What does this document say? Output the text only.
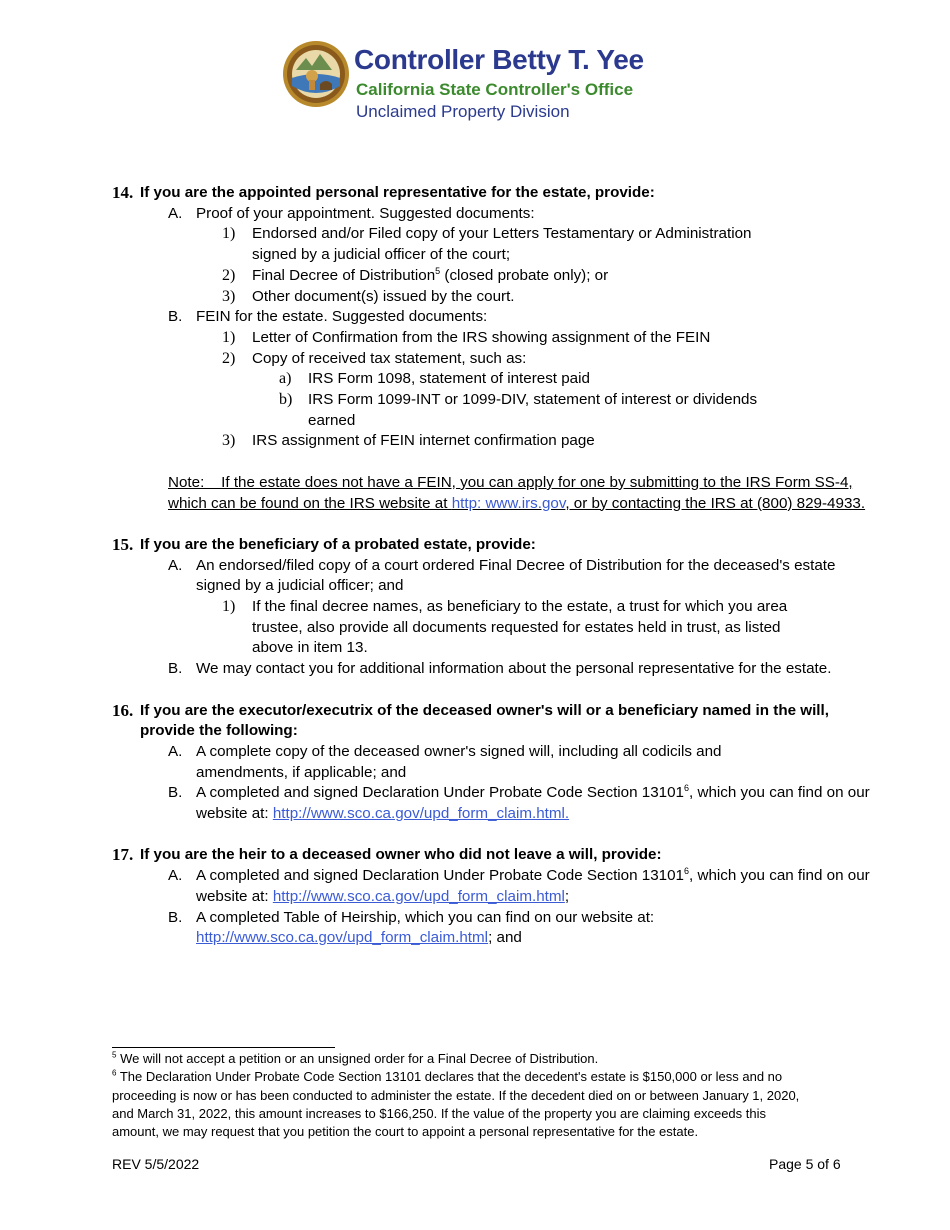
Controller Betty T. Yee
California State Controller's Office
Unclaimed Property Division
14. If you are the appointed personal representative for the estate, provide:
A. Proof of your appointment. Suggested documents:
1) Endorsed and/or Filed copy of your Letters Testamentary or Administration signed by a judicial officer of the court;
2) Final Decree of Distribution$^5$ (closed probate only); or
3) Other document(s) issued by the court.
B. FEIN for the estate. Suggested documents:
1) Letter of Confirmation from the IRS showing assignment of the FEIN
2) Copy of received tax statement, such as:
a) IRS Form 1098, statement of interest paid
b) IRS Form 1099-INT or 1099-DIV, statement of interest or dividends earned
3) IRS assignment of FEIN internet confirmation page
Note:    If the estate does not have a FEIN, you can apply for one by submitting to the IRS Form SS-4, which can be found on the IRS website at http: www.irs.gov, or by contacting the IRS at (800) 829-4933.
15. If you are the beneficiary of a probated estate, provide:
A. An endorsed/filed copy of a court ordered Final Decree of Distribution for the deceased's estate signed by a judicial officer; and
1) If the final decree names, as beneficiary to the estate, a trust for which you area trustee, also provide all documents requested for estates held in trust, as listed above in item 13.
B. We may contact you for additional information about the personal representative for the estate.
16. If you are the executor/executrix of the deceased owner's will or a beneficiary named in the will, provide the following:
A. A complete copy of the deceased owner's signed will, including all codicils and amendments, if applicable; and
B. A completed and signed Declaration Under Probate Code Section 13101$^6$, which you can find on our website at: http://www.sco.ca.gov/upd_form_claim.html.
17. If you are the heir to a deceased owner who did not leave a will, provide:
A. A completed and signed Declaration Under Probate Code Section 13101$^6$, which you can find on our website at: http://www.sco.ca.gov/upd_form_claim.html;
B. A completed Table of Heirship, which you can find on our website at: http://www.sco.ca.gov/upd_form_claim.html; and
$^5$ We will not accept a petition or an unsigned order for a Final Decree of Distribution.
$^6$ The Declaration Under Probate Code Section 13101 declares that the decedent's estate is $150,000 or less and no proceeding is now or has been conducted to administer the estate. If the decedent died on or between January 1, 2020, and March 31, 2022, this amount increases to $166,250. If the value of the property you are claiming exceeds this amount, we may request that you petition the court to appoint a personal representative for the estate.
REV 5/5/2022	Page 5 of 6
